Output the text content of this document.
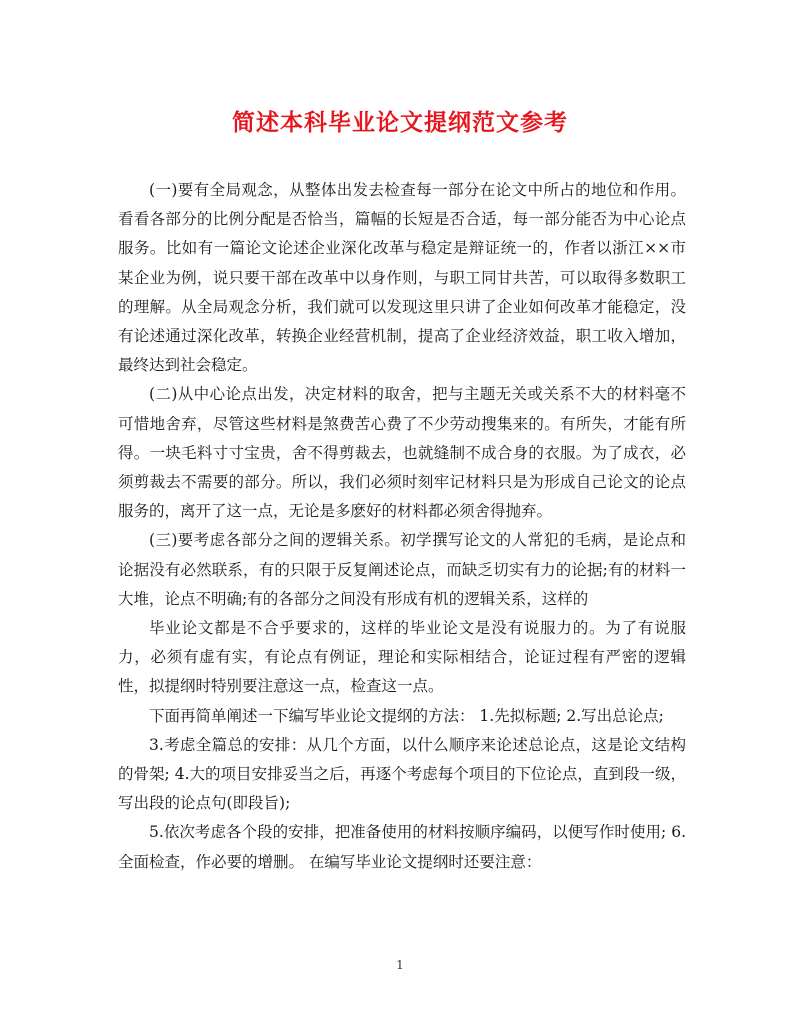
简述本科毕业论文提纲范文参考

(一)要有全局观念，从整体出发去检查每一部分在论文中所占的地位和作用。看看各部分的比例分配是否恰当，篇幅的长短是否合适，每一部分能否为中心论点服务。比如有一篇论文论述企业深化改革与稳定是辩证统一的，作者以浙江××市某企业为例，说只要干部在改革中以身作则，与职工同甘共苦，可以取得多数职工的理解。从全局观念分析，我们就可以发现这里只讲了企业如何改革才能稳定，没有论述通过深化改革，转换企业经营机制，提高了企业经济效益，职工收入增加，最终达到社会稳定。

(二)从中心论点出发，决定材料的取舍，把与主题无关或关系不大的材料毫不可惜地舍弃，尽管这些材料是煞费苦心费了不少劳动搜集来的。有所失，才能有所得。一块毛料寸寸宝贵，舍不得剪裁去，也就缝制不成合身的衣服。为了成衣，必须剪裁去不需要的部分。所以，我们必须时刻牢记材料只是为形成自己论文的论点服务的，离开了这一点，无论是多麽好的材料都必须舍得抛弃。

(三)要考虑各部分之间的逻辑关系。初学撰写论文的人常犯的毛病，是论点和论据没有必然联系，有的只限于反复阐述论点，而缺乏切实有力的论据;有的材料一大堆，论点不明确;有的各部分之间没有形成有机的逻辑关系，这样的

毕业论文都是不合乎要求的，这样的毕业论文是没有说服力的。为了有说服力，必须有虚有实，有论点有例证，理论和实际相结合，论证过程有严密的逻辑性，拟提纲时特别要注意这一点，检查这一点。

下面再简单阐述一下编写毕业论文提纲的方法： 1.先拟标题; 2.写出总论点;

3.考虑全篇总的安排：从几个方面，以什么顺序来论述总论点，这是论文结构的骨架; 4.大的项目安排妥当之后，再逐个考虑每个项目的下位论点，直到段一级，写出段的论点句(即段旨);

5.依次考虑各个段的安排，把准备使用的材料按顺序编码，以便写作时使用; 6.全面检查，作必要的增删。 在编写毕业论文提纲时还要注意：

1
